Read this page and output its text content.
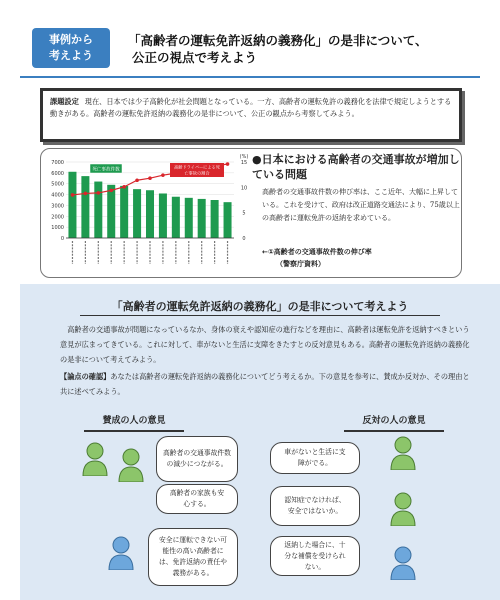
事例から
考えよう
「高齢者の運転免許返納の義務化」の是非について、
公正の視点で考えよう
課題設定 現在、日本では少子高齢化が社会問題となっている。一方、高齢者の運転免許の義務化を法律で規定しようとする動きがある。高齢者の運転免許返納の義務化の是非について、公正の観点から考察してみよう。
7000
6000
5000
4000
3000
2000
1000
0
(%)
15
10
5
0
死亡事故件数
高齢ドライバーによる死
亡事故の割合
●日本における高齢者の交通事故が増加している問題
高齢者の交通事故件数の伸び率は、ここ近年、大幅に上昇している。これを受けて、政府は改正道路交通法により、75歳以上の高齢者に運転免許の返納を求めている。
←①高齢者の交通事故件数の伸び率
（警察庁資料）
「高齢者の運転免許返納の義務化」の是非について考えよう
高齢者の交通事故が問題になっているなか、身体の衰えや認知症の進行などを理由に、高齢者は運転免許を返納すべきという意見が広まってきている。これに対して、車がないと生活に支障をきたすとの反対意見もある。高齢者の運転免許返納の義務化の是非について考えてみよう。
【論点の確認】あなたは高齢者の運転免許返納の義務化についてどう考えるか。下の意見を参考に、賛成か反対か、その理由と共に述べてみよう。
賛成の人の意見	反対の人の意見
高齢者の交通事故件数の減少につながる。
高齢者の家族も安心する。
安全に運転できない可能性の高い高齢者には、免許返納の責任や義務がある。
車がないと生活に支障がでる。
認知症でなければ、安全ではないか。
返納した場合に、十分な補償を受けられない。
